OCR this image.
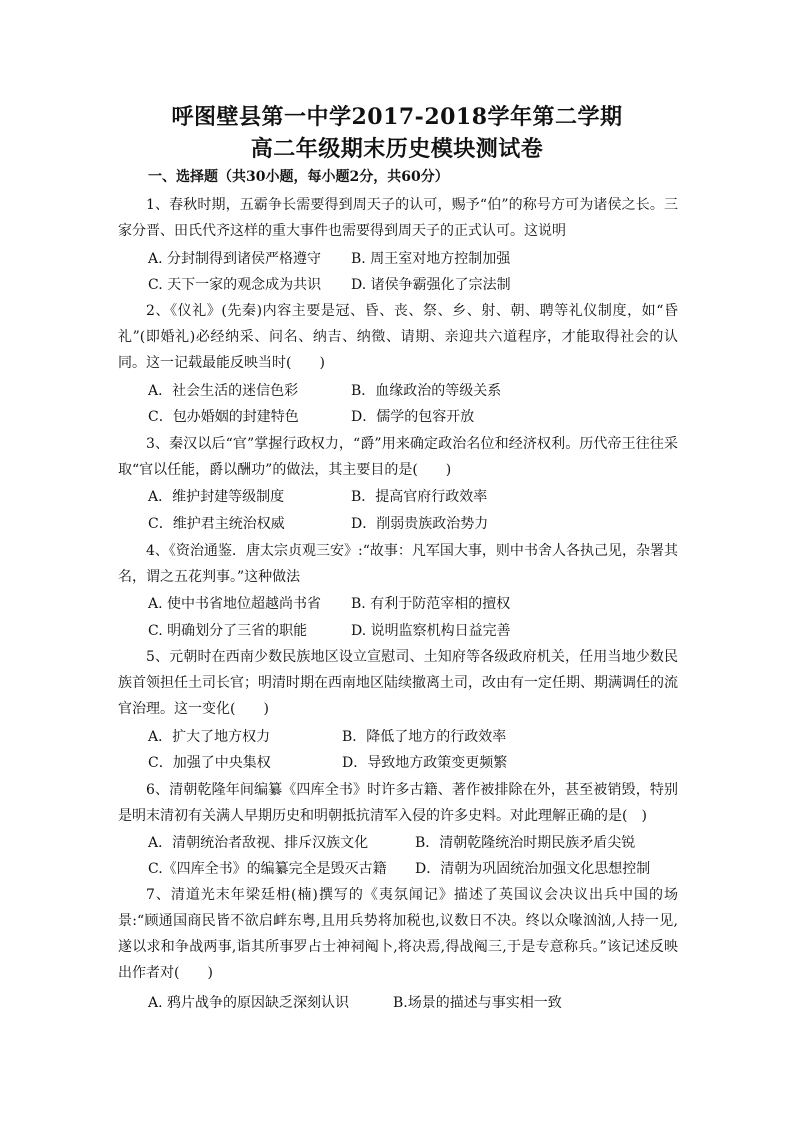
呼图壁县第一中学2017-2018学年第二学期
高二年级期末历史模块测试卷
一、选择题（共30小题，每小题2分，共60分）
1、春秋时期，五霸争长需要得到周天子的认可，赐予“伯”的称号方可为诸侯之长。三家分晋、田氏代齐这样的重大事件也需要得到周天子的正式认可。这说明
A. 分封制得到诸侯严格遵守 B. 周王室对地方控制加强
C. 天下一家的观念成为共识 D. 诸侯争霸强化了宗法制
2、《仪礼》(先秦)内容主要是冠、昏、丧、祭、乡、射、朝、聘等礼仪制度，如“昏礼”(即婚礼)必经纳采、问名、纳吉、纳徵、请期、亲迎共六道程序，才能取得社会的认同。这一记载最能反映当时(　　)
A．社会生活的迷信色彩	B．血缘政治的等级关系
C．包办婚姻的封建特色	D．儒学的包容开放
3、秦汉以后“官”掌握行政权力，“爵”用来确定政治名位和经济权利。历代帝王往往采取“官以任能，爵以酬功”的做法，其主要目的是(　　)
A．维护封建等级制度	B．提高官府行政效率
C．维护君主统治权威	D．削弱贵族政治势力
4、《资治通鉴．唐太宗贞观三安》:“故事：凡军国大事，则中书舍人各执己见，杂署其名，谓之五花判事。”这种做法
A. 使中书省地位超越尚书省 B. 有利于防范宰相的擅权
C. 明确划分了三省的职能	D. 说明监察机构日益完善
5、元朝时在西南少数民族地区设立宣慰司、土知府等各级政府机关，任用当地少数民族首领担任土司长官；明清时期在西南地区陆续撤离土司，改由有一定任期、期满调任的流官治理。这一变化(　　)
A．扩大了地方权力	B．降低了地方的行政效率
C．加强了中央集权	D．导致地方政策变更频繁
6、清朝乾隆年间编纂《四库全书》时许多古籍、著作被排除在外，甚至被销毁，特别是明末清初有关满人早期历史和明朝抵抗清军入侵的许多史料。对此理解正确的是(　)
A．清朝统治者敌视、排斥汉族文化	B．清朝乾隆统治时期民族矛盾尖锐
C.《四库全书》的编纂完全是毁灭古籍 D．清朝为巩固统治加强文化思想控制
7、清道光末年梁廷枏(楠)撰写的《夷氛闻记》描述了英国议会决议出兵中国的场景:“顾通国商民皆不欲启衅东粤,且用兵势将加税也,议数日不决。终以众喙汹汹,人持一见,遂以求和争战两事,诣其所事罗占士神祠阄卜,将决焉,得战阄三,于是专意称兵。”该记述反映出作者对(　　)
A. 鸦片战争的原因缺乏深刻认识	B.场景的描述与事实相一致
